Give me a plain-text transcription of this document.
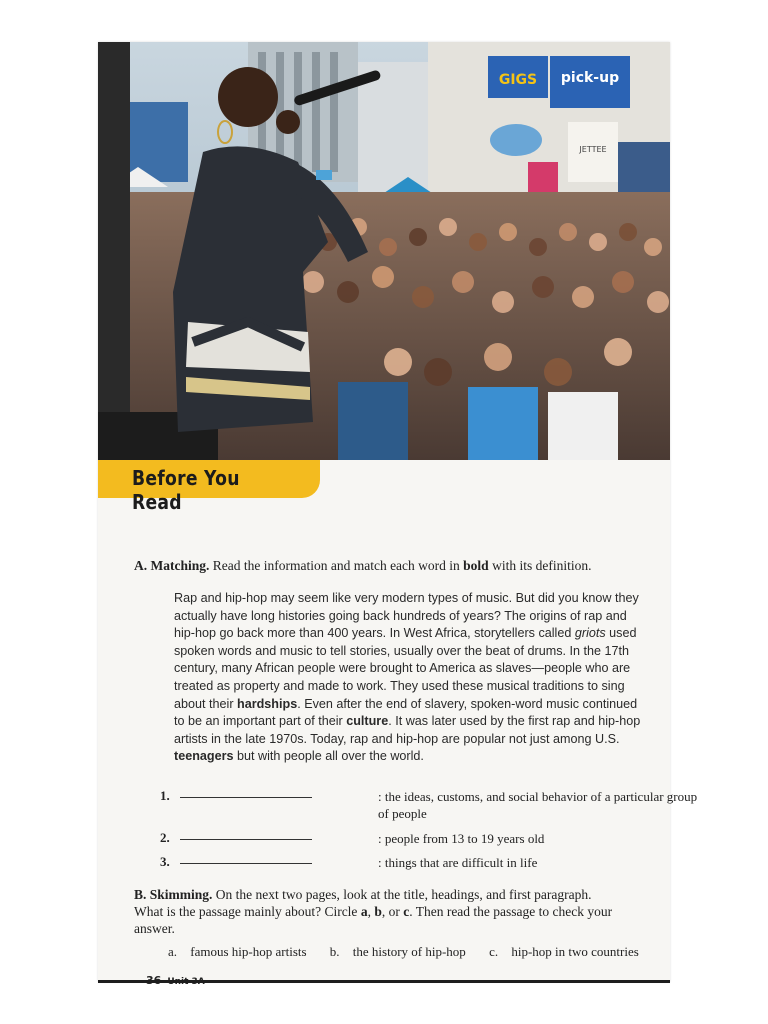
GIGS pick-up
JETTEE
Before You Read
A. Matching. Read the information and match each word in bold with its definition.

Rap and hip-hop may seem like very modern types of music. But did you know they actually have long histories going back hundreds of years? The origins of rap and hip-hop go back more than 400 years. In West Africa, storytellers called griots used spoken words and music to tell stories, usually over the beat of drums. In the 17th century, many African people were brought to America as slaves—people who are treated as property and made to work. They used these musical traditions to sing about their hardships. Even after the end of slavery, spoken-word music continued to be an important part of their culture. It was later used by the first rap and hip-hop artists in the late 1970s. Today, rap and hip-hop are popular not just among U.S. teenagers but with people all over the world.

1.	: the ideas, customs, and social behavior of a particular group of people
2.	: people from 13 to 19 years old
3.	: things that are difficult in life
B. Skimming. On the next two pages, look at the title, headings, and first paragraph. What is the passage mainly about? Circle a, b, or c. Then read the passage to check your answer.
a. famous hip-hop artists b. the history of hip-hop c. hip-hop in two countries
